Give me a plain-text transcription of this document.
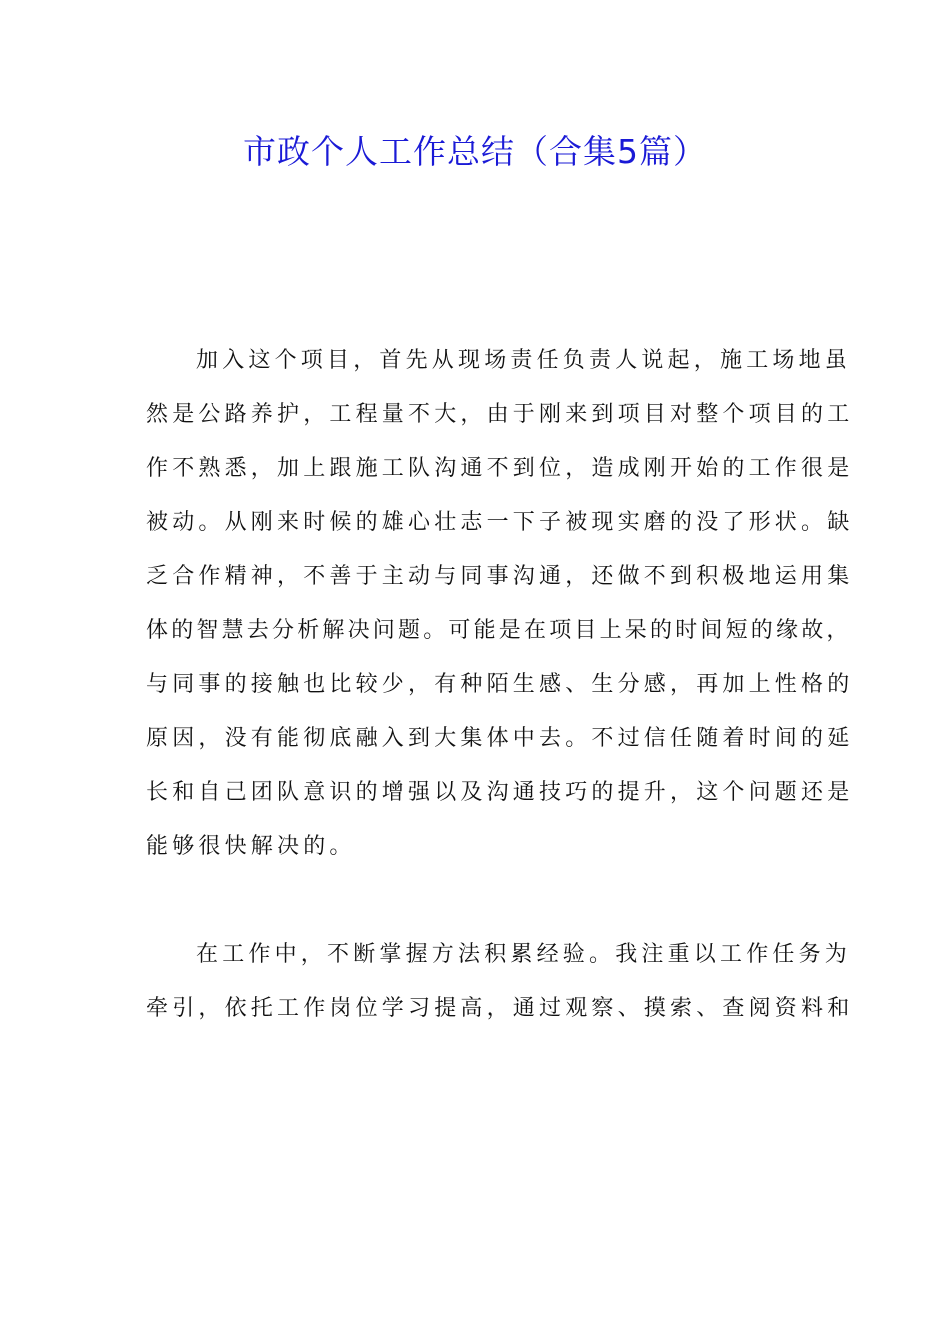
市政个人工作总结（合集5篇）
加入这个项目，首先从现场责任负责人说起，施工场地虽
然是公路养护，工程量不大，由于刚来到项目对整个项目的工
作不熟悉，加上跟施工队沟通不到位，造成刚开始的工作很是
被动。从刚来时候的雄心壮志一下子被现实磨的没了形状。缺
乏合作精神，不善于主动与同事沟通，还做不到积极地运用集
体的智慧去分析解决问题。可能是在项目上呆的时间短的缘故，
与同事的接触也比较少，有种陌生感、生分感，再加上性格的
原因，没有能彻底融入到大集体中去。不过信任随着时间的延
长和自己团队意识的增强以及沟通技巧的提升，这个问题还是
能够很快解决的。
在工作中，不断掌握方法积累经验。我注重以工作任务为
牵引，依托工作岗位学习提高，通过观察、摸索、查阅资料和
